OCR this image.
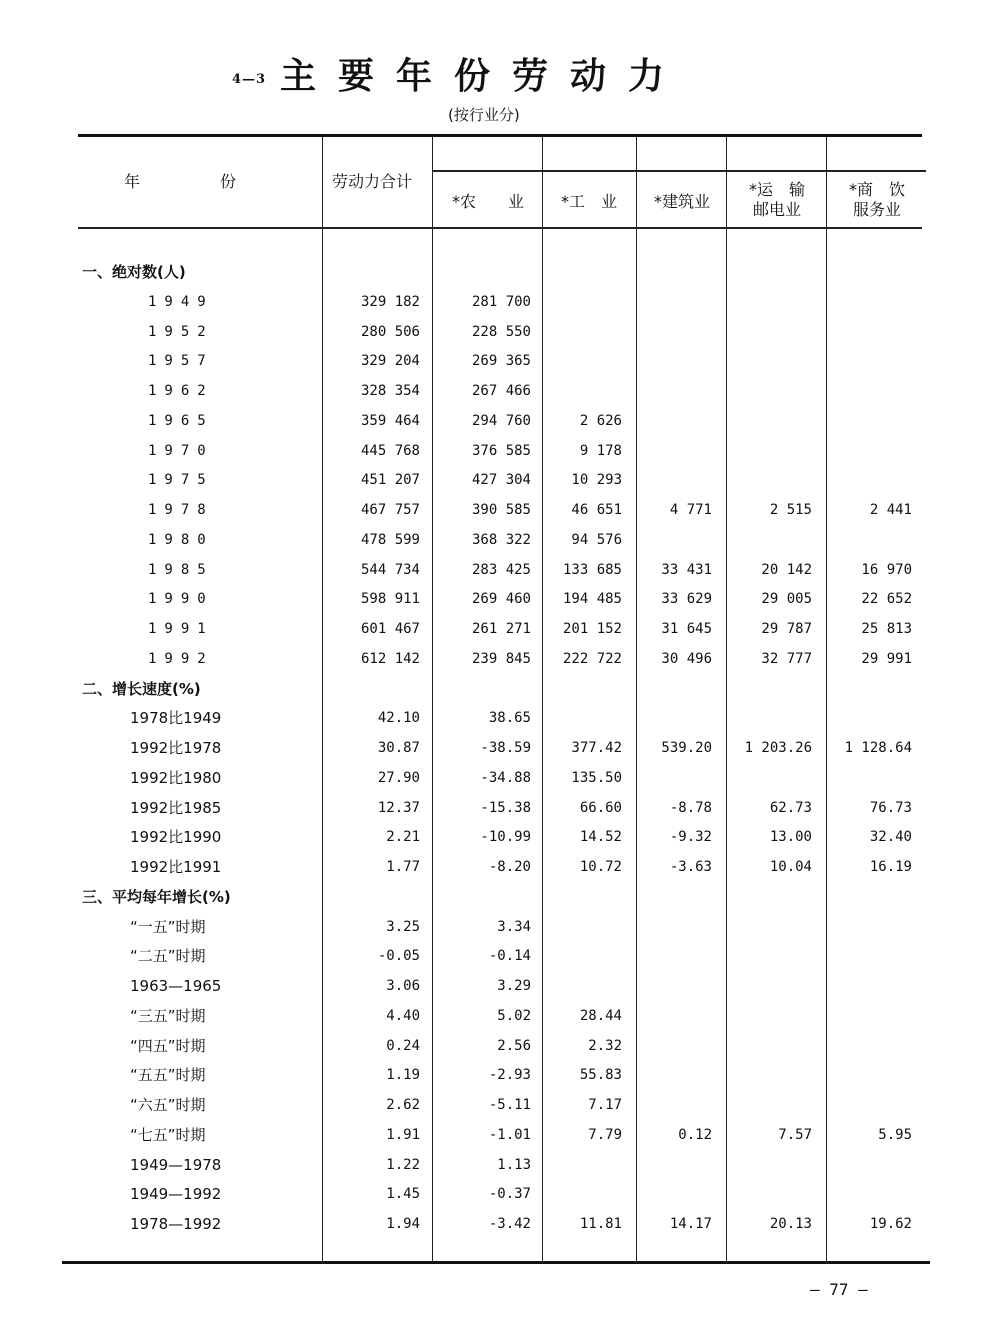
4—3 主要年份劳动力
(按行业分)
年　　　　　份	劳动力合计
*农　　业	*工　业	*建筑业
*运　输
邮电业
*商　饮
服务业
一、绝对数(人)
1949	329 182	281 700
1952	280 506	228 550
1957	329 204	269 365
1962	328 354	267 466
1965	359 464	294 760	2 626
1970	445 768	376 585	9 178
1975	451 207	427 304	10 293
1978	467 757	390 585	46 651	4 771	2 515	2 441
1980	478 599	368 322	94 576
1985	544 734	283 425	133 685	33 431	20 142	16 970
1990	598 911	269 460	194 485	33 629	29 005	22 652
1991	601 467	261 271	201 152	31 645	29 787	25 813
1992	612 142	239 845	222 722	30 496	32 777	29 991
二、增长速度(%)
1978比1949	42.10	38.65
1992比1978	30.87	-38.59	377.42	539.20	1 203.26	1 128.64
1992比1980	27.90	-34.88	135.50
1992比1985	12.37	-15.38	66.60	-8.78	62.73	76.73
1992比1990	2.21	-10.99	14.52	-9.32	13.00	32.40
1992比1991	1.77	-8.20	10.72	-3.63	10.04	16.19
三、平均每年增长(%)
“一五”时期	3.25	3.34
“二五”时期	-0.05	-0.14
1963—1965	3.06	3.29
“三五”时期	4.40	5.02	28.44
“四五”时期	0.24	2.56	2.32
“五五”时期	1.19	-2.93	55.83
“六五”时期	2.62	-5.11	7.17
“七五”时期	1.91	-1.01	7.79	0.12	7.57	5.95
1949—1978	1.22	1.13
1949—1992	1.45	-0.37
1978—1992	1.94	-3.42	11.81	14.17	20.13	19.62
— 77 —
